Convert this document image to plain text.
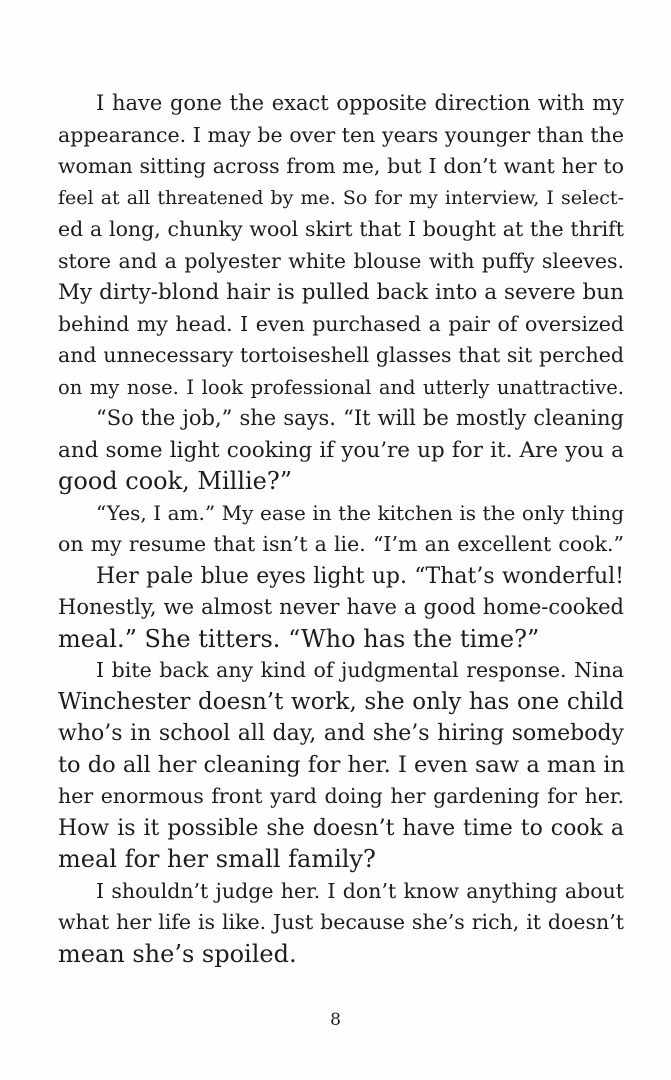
I have gone the exact opposite direction with my
appearance. I may be over ten years younger than the
woman sitting across from me, but I don’t want her to
feel at all threatened by me. So for my interview, I select-
ed a long, chunky wool skirt that I bought at the thrift
store and a polyester white blouse with puffy sleeves.
My dirty-blond hair is pulled back into a severe bun
behind my head. I even purchased a pair of oversized
and unnecessary tortoiseshell glasses that sit perched
on my nose. I look professional and utterly unattractive.
“So the job,” she says. “It will be mostly cleaning
and some light cooking if you’re up for it. Are you a
good cook, Millie?”
“Yes, I am.” My ease in the kitchen is the only thing
on my resume that isn’t a lie. “I’m an excellent cook.”
Her pale blue eyes light up. “That’s wonderful!
Honestly, we almost never have a good home-cooked
meal.” She titters. “Who has the time?”
I bite back any kind of judgmental response. Nina
Winchester doesn’t work, she only has one child
who’s in school all day, and she’s hiring somebody
to do all her cleaning for her. I even saw a man in
her enormous front yard doing her gardening for her.
How is it possible she doesn’t have time to cook a
meal for her small family?
I shouldn’t judge her. I don’t know anything about
what her life is like. Just because she’s rich, it doesn’t
mean she’s spoiled.
8
